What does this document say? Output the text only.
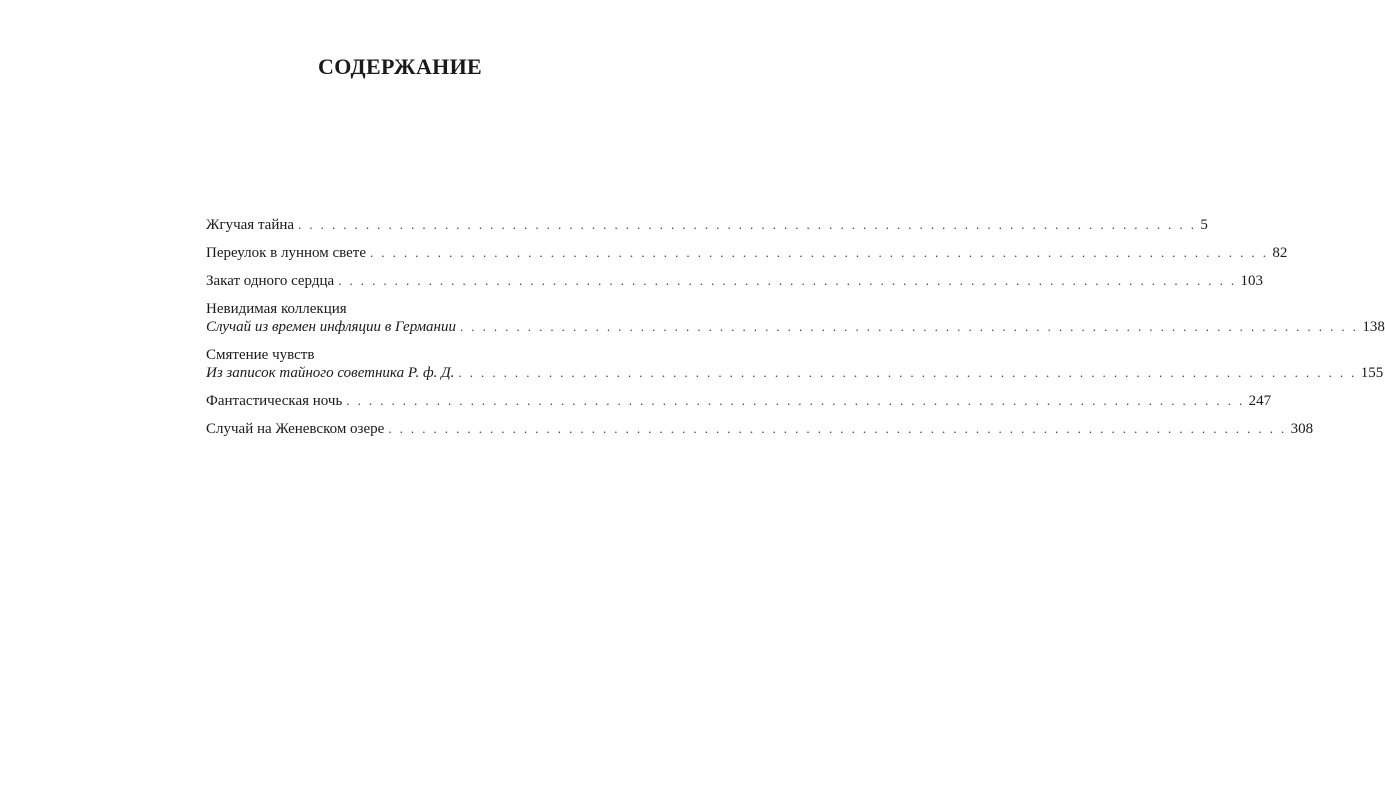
СОДЕРЖАНИЕ
Жгучая тайна . . . . . . . . . . . . . . . . . . . . . . . . . . . . . . . . . . . . . . . . . . . . . . . . . . . . . . . . . . . . . . . . . . . . . . . . . . . . . . . . 5
Переулок в лунном свете . . . . . . . . . . . . . . . . . . . . . . . . . . . . . . . . . . . . . . . . . . . . . . . . . . . . . . . . . . . . . . . . . . . . . . . . . . . . . . . . 82
Закат одного сердца . . . . . . . . . . . . . . . . . . . . . . . . . . . . . . . . . . . . . . . . . . . . . . . . . . . . . . . . . . . . . . . . . . . . . . . . . . . . . . . . 103
Невидимая коллекция
Случай из времен инфляции в Германии . . . . . . . . . . . . . . . . . . . . . . . . . . . . . . . . . . . . . . . . . . . . . . . . . . . . . . . . . . . . . . . . . . . . . . . . . . . . . . . . 138
Смятение чувств
Из записок тайного советника Р. ф. Д. . . . . . . . . . . . . . . . . . . . . . . . . . . . . . . . . . . . . . . . . . . . . . . . . . . . . . . . . . . . . . . . . . . . . . . . . . . . . . . . . 155
Фантастическая ночь . . . . . . . . . . . . . . . . . . . . . . . . . . . . . . . . . . . . . . . . . . . . . . . . . . . . . . . . . . . . . . . . . . . . . . . . . . . . . . . . 247
Случай на Женевском озере . . . . . . . . . . . . . . . . . . . . . . . . . . . . . . . . . . . . . . . . . . . . . . . . . . . . . . . . . . . . . . . . . . . . . . . . . . . . . . . . 308
